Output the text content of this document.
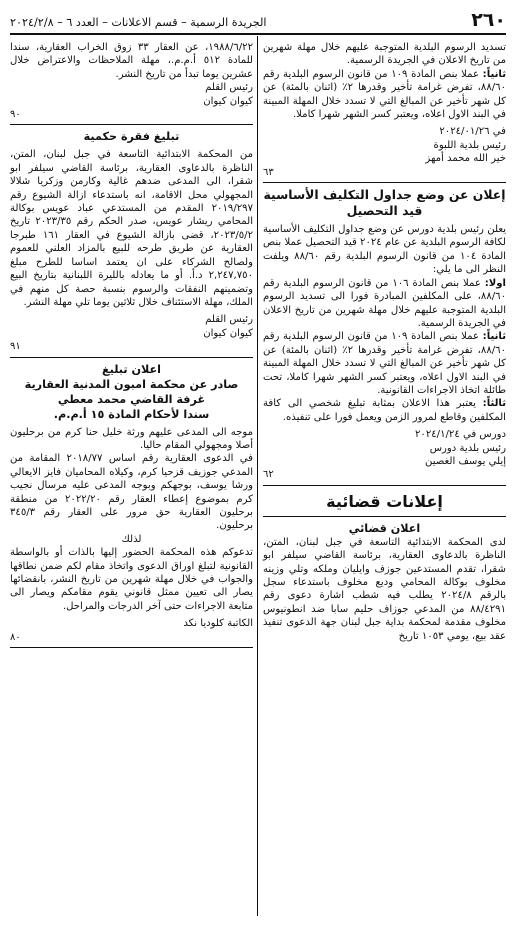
٢٦٠
الجريدة الرسمية – قسم الاعلانات – العدد ٦ – ٢٠٢٤/٢/٨

تسديد الرسوم البلدية المتوجبة عليهم خلال مهلة شهرين من تاريخ الاعلان في الجريدة الرسمية.

ثانياً: عملا بنص المادة ١٠٩ من قانون الرسوم البلدية رقم ٨٨/٦٠، تفرض غرامة تأخير وقدرها ٢٪ (اثنان بالمئة) عن كل شهر تأخير عن المبالغ التي لا تسدد خلال المهلة المبينة في البند الاول اعلاه، ويعتبر كسر الشهر شهرا كاملا.

في ٢٠٢٤/٠١/٢٦

رئيس بلدية اللبوة

خير الله محمد أمهز

٦٣

إعلان عن وضع جداول التكليف الأساسية
قيد التحصيل

يعلن رئيس بلدية دورس عن وضع جداول التكليف الأساسية لكافة الرسوم البلدية عن عام ٢٠٢٤ قيد التحصيل عملا بنص المادة ١٠٤ من قانون الرسوم البلدية رقم ٨٨/٦٠ ويلفت النظر الى ما يلي:

اولا: عملا بنص المادة ١٠٦ من قانون الرسوم البلدية رقم ٨٨/٦٠، على المكلفين المبادرة فورا الى تسديد الرسوم البلدية المتوجبة عليهم خلال مهلة شهرين من تاريخ الاعلان في الجريدة الرسمية.

ثانياً: عملا بنص المادة ١٠٩ من قانون الرسوم البلدية رقم ٨٨/٦٠، تفرض غرامة تأخير وقدرها ٢٪ (اثنان بالمئة) عن كل شهر تأخير عن المبالغ التي لا تسدد خلال المهلة المبينة في البند الاول اعلاه، ويعتبر كسر الشهر شهرا كاملا، تحت طائلة اتخاذ الاجراءات القانونية.

ثالثاً: يعتبر هذا الاعلان بمثابة تبليغ شخصي الى كافة المكلفين وقاطع لمرور الزمن ويعمل فورا على تنفيذه.

دورس في ٢٠٢٤/١/٢٤

رئيس بلدية دورس

إيلي يوسف الغصين

٦٢

إعلانات قضائية
اعلان قضائي

لدى المحكمة الابتدائية التاسعة في جبل لبنان، المتن، الناظرة بالدعاوى العقارية، برئاسة القاضي سيلفر ابو شقرا، تقدم المستدعين جوزف وايليان وملكه وتلي وزينه مخلوف بوكالة المحامي وديع مخلوف باستدعاء سجل بالرقم ٢٠٢٤/٨ يطلب فيه شطب اشارة دعوى رقم ٨٨/٤٢٩١ من المدعي جوزاف حليم سابا ضد انطونيوس مخلوف مقدمة لمحكمة بداية جبل لبنان جهة الدعوى تنفيذ عقد بيع، يومي ١٠٥٣ تاريخ

١٩٨٨/٦/٢٢، عن العقار ٣٣ زوق الخراب العقارية، سندا للمادة ٥١٢ أ.م.م.، مهلة الملاحظات والاعتراض خلال عشرين يوما تبدأ من تاريخ النشر.

رئيس القلم

كيوان كيوان

٩٠

تبليغ فقرة حكمية

من المحكمة الابتدائية التاسعة في جبل لبنان، المتن، الناظرة بالدعاوى العقارية، برئاسة القاضي سيلفر ابو شقرا، الى المدعى ضدهم غالية وكارمن وزكريا شلالا المجهولي محل الاقامة، انه باستدعاء ازالة الشيوع رقم ٢٠١٩/٢٩٧ المقدم من المستدعي عباد عويس بوكالة المحامي ريشار عويس، صدر الحكم رقم ٢٠٢٣/٣٥ تاريخ ٢٠٢٣/٥/٢، قضى بازالة الشيوع في العقار ١٦١ طبرجا العقارية عن طريق طرحه للبيع بالمزاد العلني للعموم ولصالح الشركاء على ان يعتمد اساسا للطرح مبلغ ٢,٢٤٧,٧٥٠ د.أ. أو ما يعادله بالليرة اللبنانية بتاريخ البيع وتضمينهم النفقات والرسوم بنسبة حصة كل منهم في الملك، مهلة الاستئناف خلال ثلاثين يوما تلي مهلة النشر.

رئيس القلم

كيوان كيوان

٩١

اعلان تبليغ
صادر عن محكمة امبون المدنية العقارية
غرفة القاضي محمد معطي
سندا لأحكام المادة ١٥ أ.م.م.

موجه الى المدعى عليهم ورثة خليل حنا كرم من برحليون أصلا ومجهولي المقام حاليا.

في الدعوى العقارية رقم اساس ٢٠١٨/٧٧ المقامة من المدعي جوزيف قزحيا كرم، وكيلاه المحاميان فايز الايعالي ورشا يوسف، بوجهكم وبوجه المدعى عليه مرسال نجيب كرم بموضوع إعطاء العقار رقم ٢٠٢٢/٢٠ من منطقة برحليون العقارية حق مرور على العقار رقم ٣٤٥/٣ برحليون.

لذلك

تدعوكم هذه المحكمة الحضور إليها بالذات أو بالواسطة القانونية لتبلغ اوراق الدعوى واتخاذ مقام لكم ضمن نطاقها والجواب في خلال مهلة شهرين من تاريخ النشر، بانقضائها يصار الى تعيين ممثل قانوني يقوم مقامكم ويصار الى متابعة الاجراءات حتى آخر الدرجات والمراحل.

الكاتبة كلوديا نكد

٨٠
